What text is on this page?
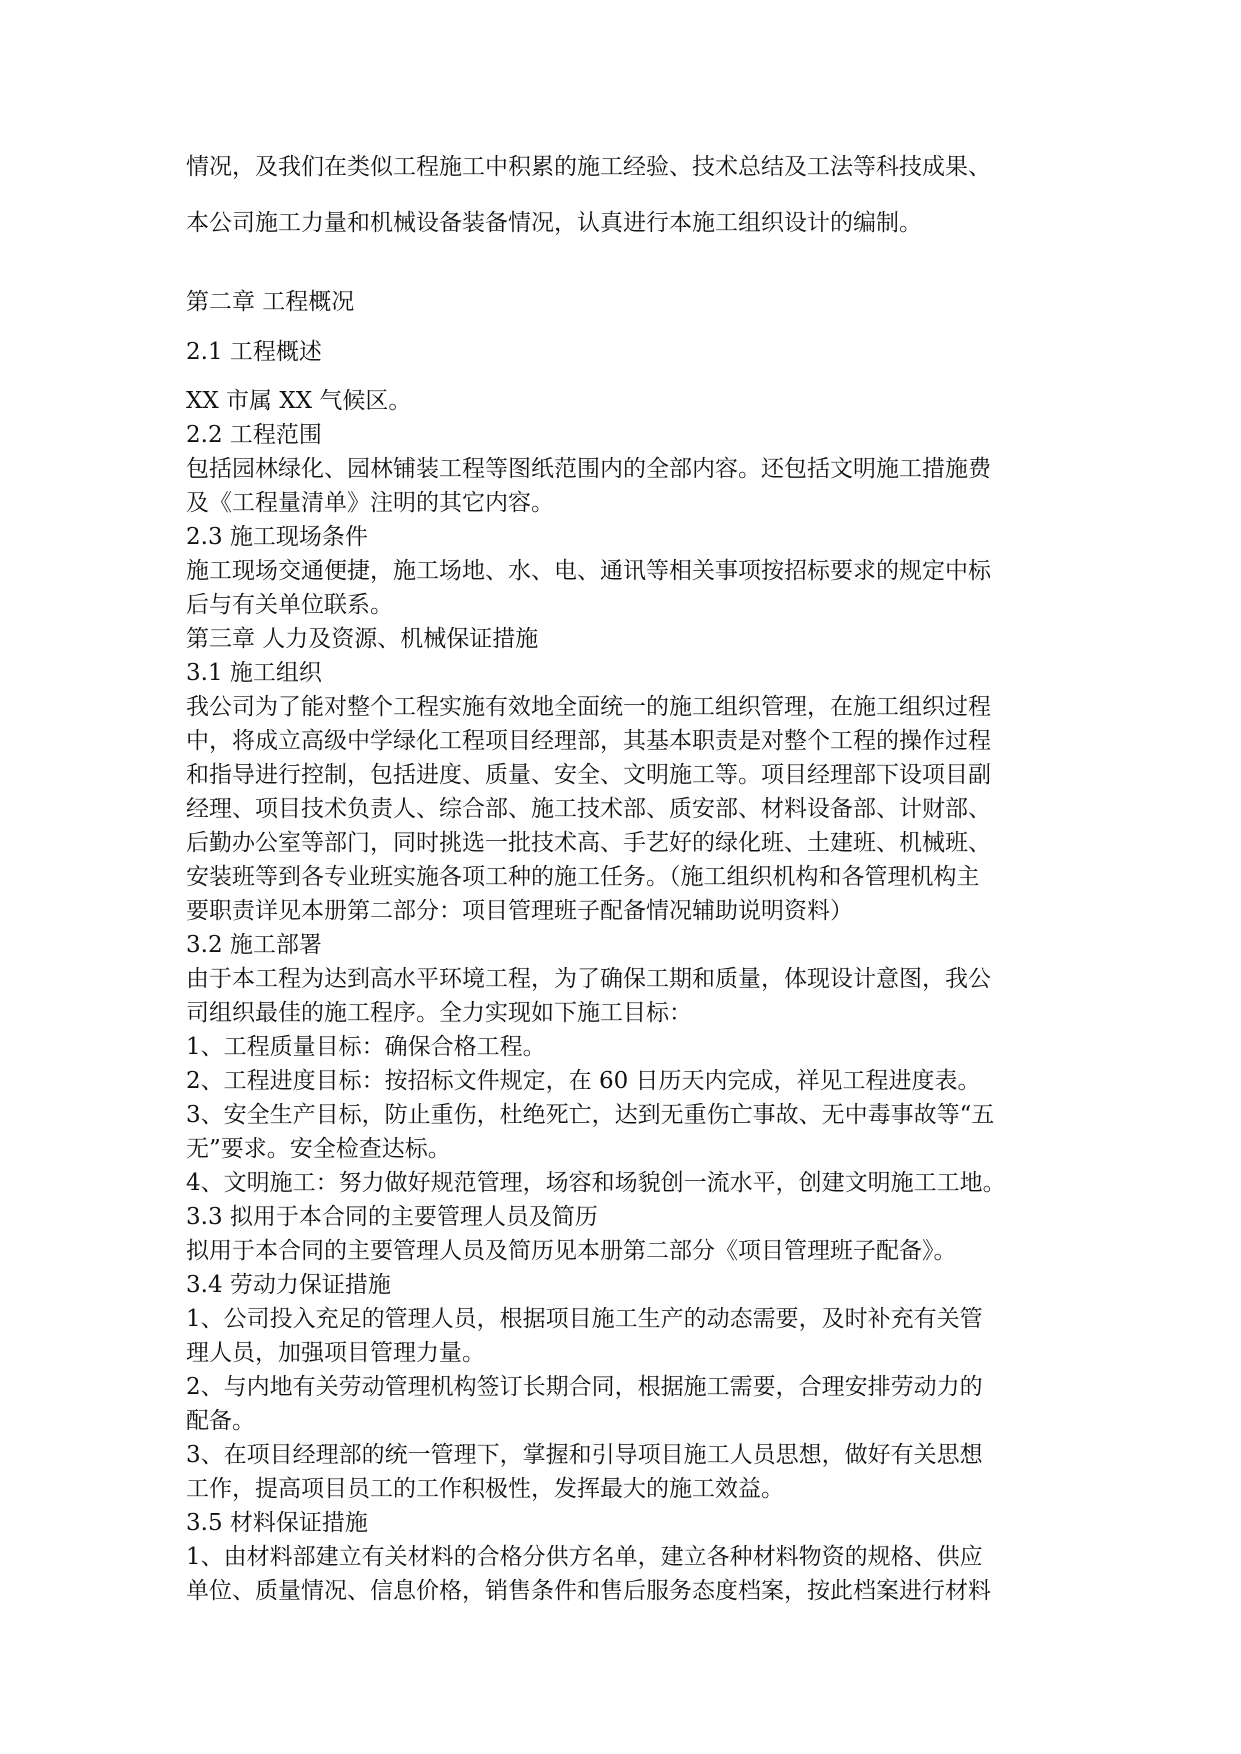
情况，及我们在类似工程施工中积累的施工经验、技术总结及工法等科技成果、
本公司施工力量和机械设备装备情况，认真进行本施工组织设计的编制。
第二章 工程概况
2.1 工程概述
XX 市属 XX 气候区。
2.2 工程范围
包括园林绿化、园林铺装工程等图纸范围内的全部内容。还包括文明施工措施费
及《工程量清单》注明的其它内容。
2.3 施工现场条件
施工现场交通便捷，施工场地、水、电、通讯等相关事项按招标要求的规定中标
后与有关单位联系。
第三章 人力及资源、机械保证措施
3.1 施工组织
我公司为了能对整个工程实施有效地全面统一的施工组织管理，在施工组织过程
中，将成立高级中学绿化工程项目经理部，其基本职责是对整个工程的操作过程
和指导进行控制，包括进度、质量、安全、文明施工等。项目经理部下设项目副
经理、项目技术负责人、综合部、施工技术部、质安部、材料设备部、计财部、
后勤办公室等部门，同时挑选一批技术高、手艺好的绿化班、土建班、机械班、
安装班等到各专业班实施各项工种的施工任务。（施工组织机构和各管理机构主
要职责详见本册第二部分：项目管理班子配备情况辅助说明资料）
3.2 施工部署
由于本工程为达到高水平环境工程，为了确保工期和质量，体现设计意图，我公
司组织最佳的施工程序。全力实现如下施工目标：
1、工程质量目标：确保合格工程。
2、工程进度目标：按招标文件规定，在 60 日历天内完成，祥见工程进度表。
3、安全生产目标，防止重伤，杜绝死亡，达到无重伤亡事故、无中毒事故等“五
无”要求。安全检查达标。
4、文明施工：努力做好规范管理，场容和场貌创一流水平，创建文明施工工地。
3.3 拟用于本合同的主要管理人员及简历
拟用于本合同的主要管理人员及简历见本册第二部分《项目管理班子配备》。
3.4 劳动力保证措施
1、公司投入充足的管理人员，根据项目施工生产的动态需要，及时补充有关管
理人员，加强项目管理力量。
2、与内地有关劳动管理机构签订长期合同，根据施工需要，合理安排劳动力的
配备。
3、在项目经理部的统一管理下，掌握和引导项目施工人员思想，做好有关思想
工作，提高项目员工的工作积极性，发挥最大的施工效益。
3.5 材料保证措施
1、由材料部建立有关材料的合格分供方名单，建立各种材料物资的规格、供应
单位、质量情况、信息价格，销售条件和售后服务态度档案，按此档案进行材料
